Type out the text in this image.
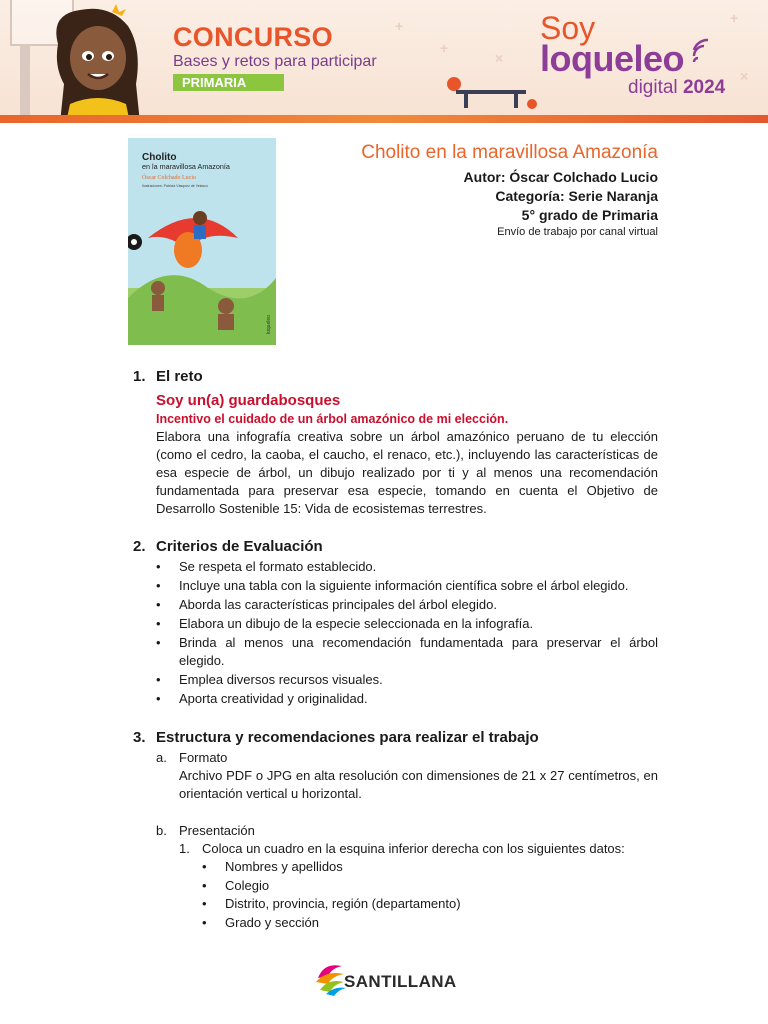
+
+	+
×
×
CONCURSO
Bases y retos para participar
PRIMARIA
Soy
loqueleo
digital 2024
Cholito
en la maravillosa Amazonía
Óscar Colchado Lucio
Ilustraciones: Patricia Vásquez de Velasco
loqueleo
Cholito en la maravillosa Amazonía
Autor: Óscar Colchado Lucio
Categoría: Serie Naranja
5° grado de Primaria
Envío de trabajo por canal virtual
1. El reto
Soy un(a) guardabosques
Incentivo el cuidado de un árbol amazónico de mi elección.
Elabora una infografía creativa sobre un árbol amazónico peruano de tu elección (como el cedro, la caoba, el caucho, el renaco, etc.), incluyendo las características de esa especie de árbol, un dibujo realizado por ti y al menos una recomendación fundamentada para preservar esa especie, tomando en cuenta el Objetivo de Desarrollo Sostenible 15: Vida de ecosistemas terrestres.
2. Criterios de Evaluación
•	Se respeta el formato establecido.
•	Incluye una tabla con la siguiente información científica sobre el árbol elegido.
•	Aborda las características principales del árbol elegido.
•	Elabora un dibujo de la especie seleccionada en la infografía.
•	Brinda al menos una recomendación fundamentada para preservar el árbol elegido.
•	Emplea diversos recursos visuales.
•	Aporta creatividad y originalidad.
3. Estructura y recomendaciones para realizar el trabajo
a. Formato
Archivo PDF o JPG en alta resolución con dimensiones de 21 x 27 centímetros, en orientación vertical u horizontal.
b. Presentación
1. Coloca un cuadro en la esquina inferior derecha con los siguientes datos:
•	Nombres y apellidos
•	Colegio
•	Distrito, provincia, región (departamento)
•	Grado y sección
SANTILLANA
